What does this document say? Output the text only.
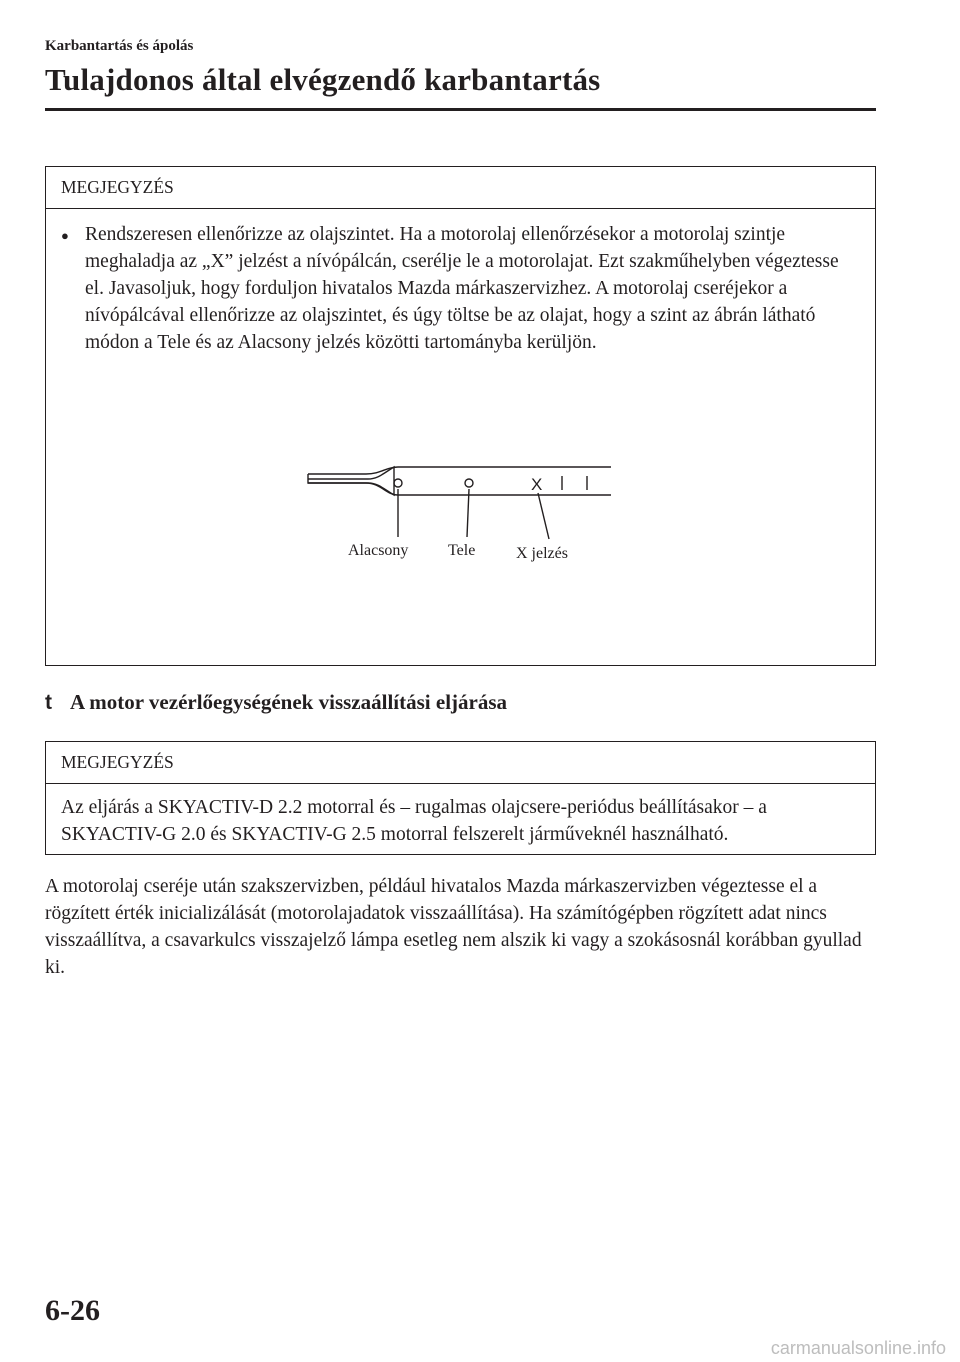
Karbantartás és ápolás
Tulajdonos által elvégzendő karbantartás
MEGJEGYZÉS
● Rendszeresen ellenőrizze az olajszintet. Ha a motorolaj ellenőrzésekor a motorolaj szintje meghaladja az „X” jelzést a nívópálcán, cserélje le a motorolajat. Ezt szakműhelyben végeztesse el. Javasoljuk, hogy forduljon hivatalos Mazda márkaszervizhez. A motorolaj cseréjekor a nívópálcával ellenőrizze az olajszintet, és úgy töltse be az olajat, hogy a szint az ábrán látható módon a Tele és az Alacsony jelzés közötti tartományba kerüljön.
X
Alacsony Tele	X jelzés
t A motor vezérlőegységének visszaállítási eljárása
MEGJEGYZÉS
Az eljárás a SKYACTIV-D 2.2 motorral és – rugalmas olajcsere-periódus beállításakor – a SKYACTIV-G 2.0 és SKYACTIV-G 2.5 motorral felszerelt járműveknél használható.
A motorolaj cseréje után szakszervizben, például hivatalos Mazda márkaszervizben végeztesse el a rögzített érték inicializálását (motorolajadatok visszaállítása). Ha számítógépben rögzített adat nincs visszaállítva, a csavarkulcs visszajelző lámpa esetleg nem alszik ki vagy a szokásosnál korábban gyullad ki.
6-26
carmanualsonline.info
